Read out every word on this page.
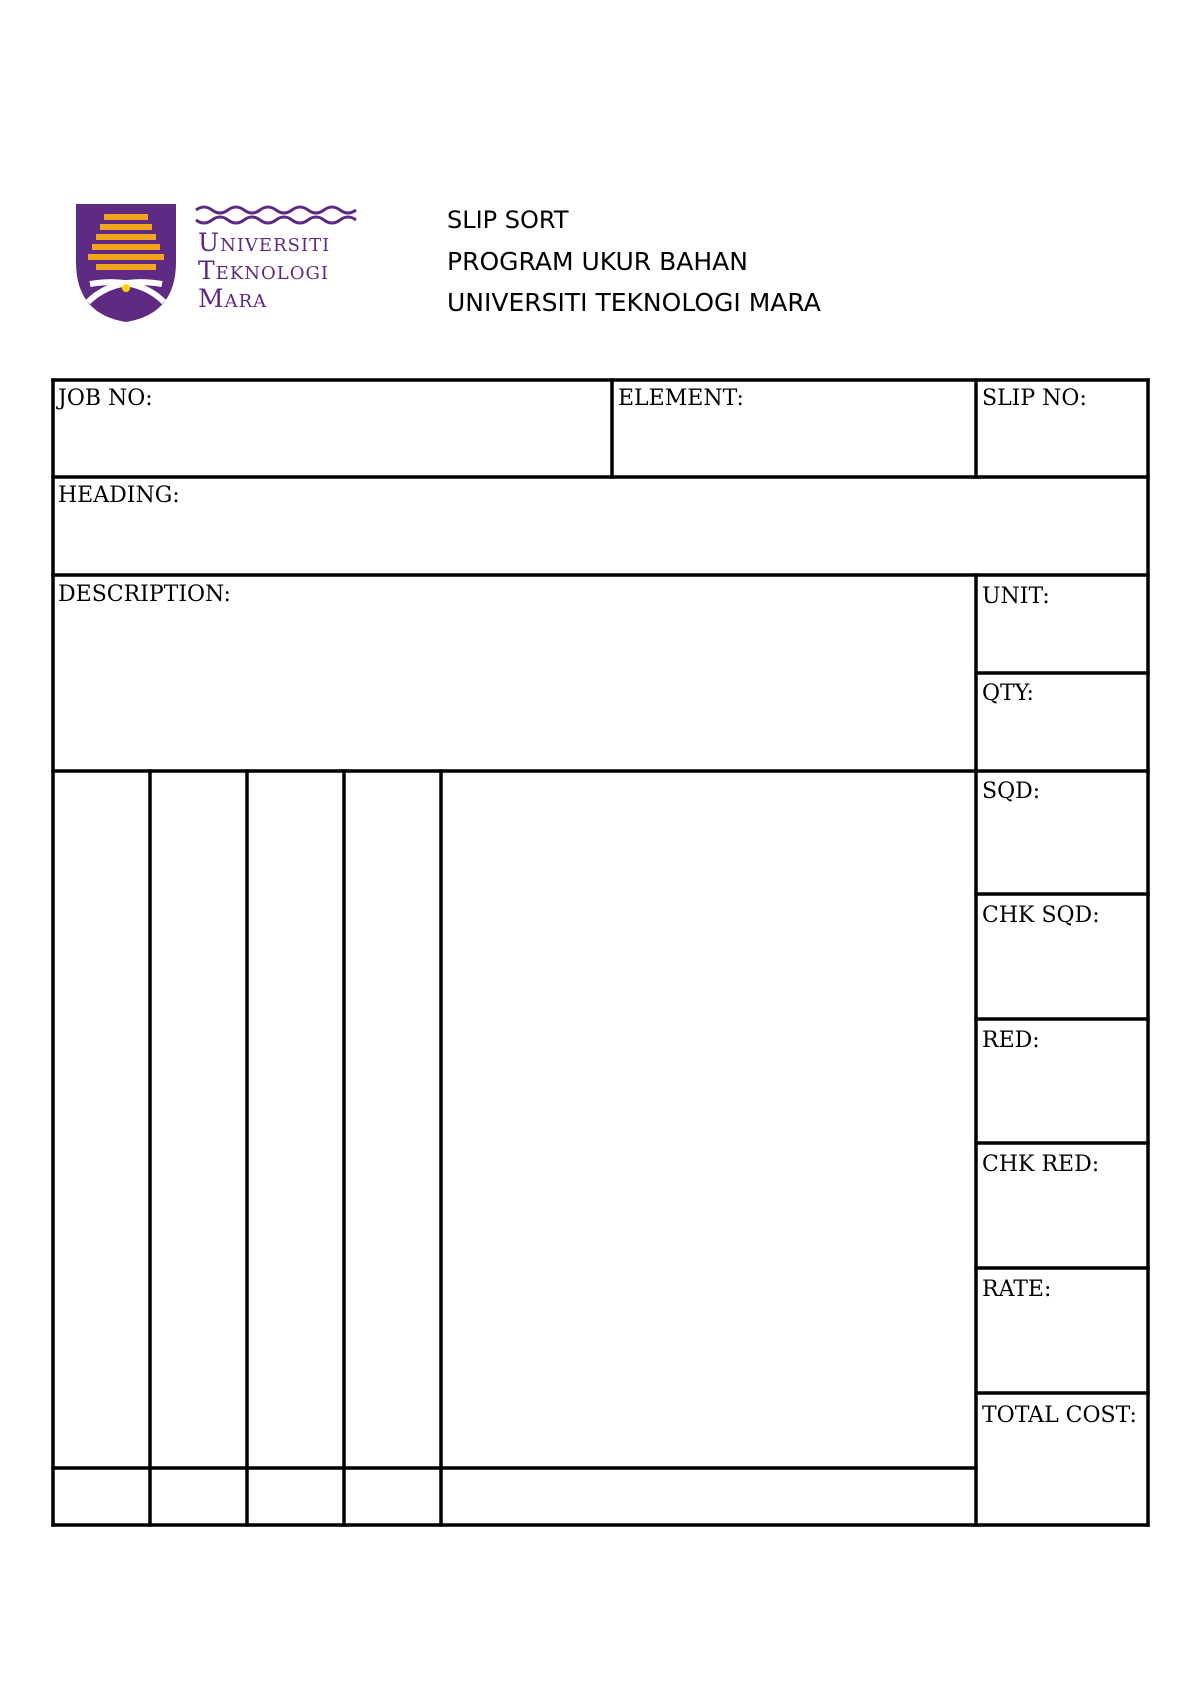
Universiti
Teknologi
Mara
SLIP SORT
PROGRAM UKUR BAHAN
UNIVERSITI TEKNOLOGI MARA
JOB NO:	ELEMENT:	SLIP NO:
HEADING:
DESCRIPTION:	UNIT:
QTY:
SQD:
CHK SQD:
RED:
CHK RED:
RATE:
TOTAL COST:
